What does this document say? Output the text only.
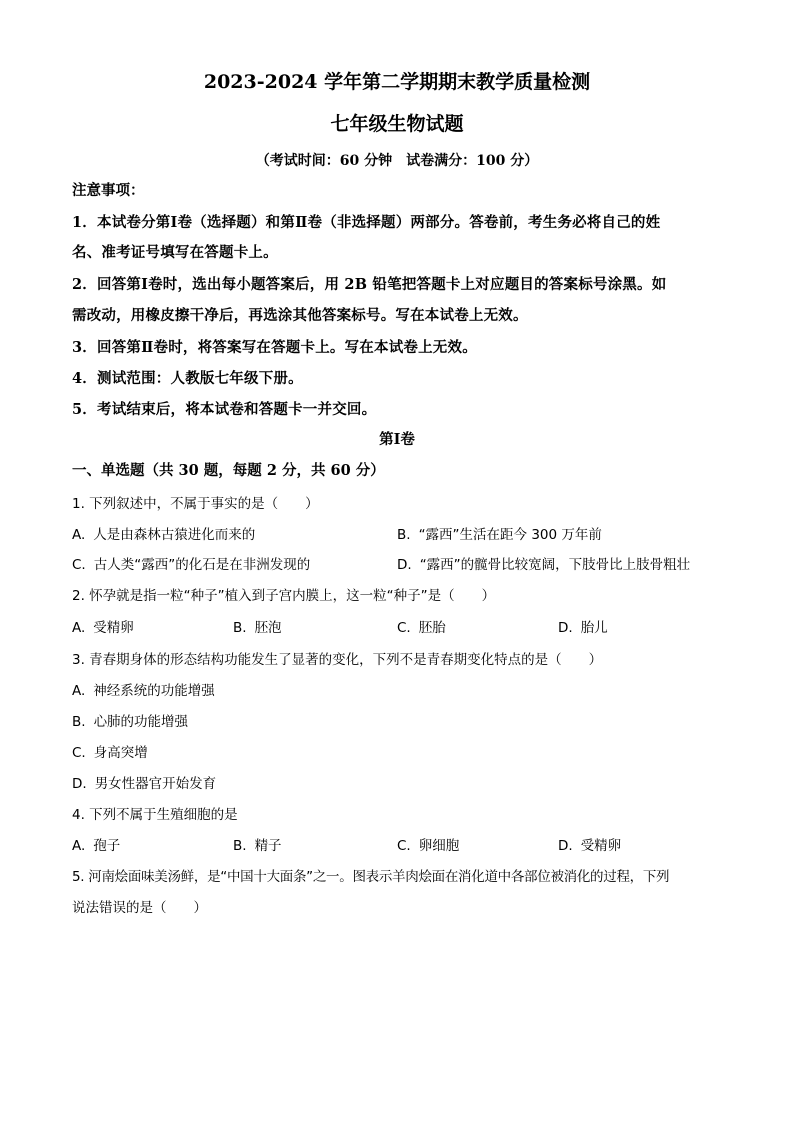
2023-2024 学年第二学期期末教学质量检测
七年级生物试题
（考试时间：60 分钟　试卷满分：100 分）
注意事项：
1．本试卷分第Ⅰ卷（选择题）和第Ⅱ卷（非选择题）两部分。答卷前，考生务必将自己的姓
名、准考证号填写在答题卡上。
2．回答第Ⅰ卷时，选出每小题答案后，用 2B 铅笔把答题卡上对应题目的答案标号涂黑。如
需改动，用橡皮擦干净后，再选涂其他答案标号。写在本试卷上无效。
3．回答第Ⅱ卷时，将答案写在答题卡上。写在本试卷上无效。
4．测试范围：人教版七年级下册。
5．考试结束后，将本试卷和答题卡一并交回。
第Ⅰ卷
一、单选题（共 30 题，每题 2 分，共 60 分）
1. 下列叙述中，不属于事实的是（　　）
A. 人是由森林古猿进化而来的	B. “露西”生活在距今 300 万年前
C. 古人类“露西”的化石是在非洲发现的	D. “露西”的髋骨比较宽阔，下肢骨比上肢骨粗壮
2. 怀孕就是指一粒“种子”植入到子宫内膜上，这一粒“种子”是（　　）
A. 受精卵	B. 胚泡	C. 胚胎	D. 胎儿
3. 青春期身体的形态结构功能发生了显著的变化，下列不是青春期变化特点的是（　　）
A. 神经系统的功能增强
B. 心肺的功能增强
C. 身高突增
D. 男女性器官开始发育
4. 下列不属于生殖细胞的是
A. 孢子	B. 精子	C. 卵细胞	D. 受精卵
5. 河南烩面味美汤鲜，是“中国十大面条”之一。图表示羊肉烩面在消化道中各部位被消化的过程，下列
说法错误的是（　　）
